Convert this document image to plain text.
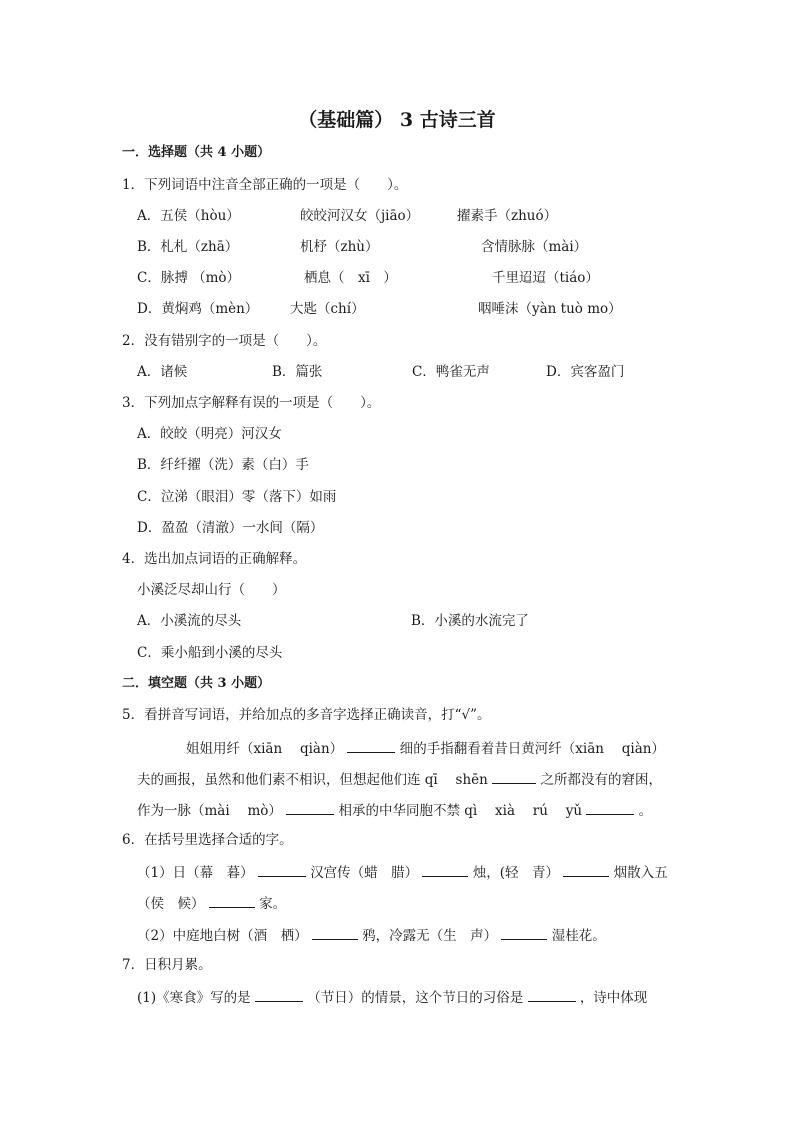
（基础篇） 3 古诗三首
一．选择题（共 4 小题）
1．下列词语中注音全部正确的一项是（　　）。
A．五侯（hòu）	皎皎河汉女（jiāo）	擢素手（zhuó）
B．札札（zhā）	机杼（zhù）	含情脉脉（mài）
C．脉搏 （mò）	栖息（　xī　）	千里迢迢（tiáo）
D．黄焖鸡（mèn） 大匙（chí）	咽唾沫（yàn tuò mo）
2．没有错别字的一项是（　　）。
A．诸候	B．篇张	C．鸭雀无声	D．宾客盈门
3．下列加点字解释有误的一项是（　　）。
A．皎皎（明亮）河汉女
B．纤纤擢（洗）素（白）手
C．泣涕（眼泪）零（落下）如雨
D．盈盈（清澈）一水间（隔）
4．选出加点词语的正确解释。
小溪泛尽却山行（　　）
A．小溪流的尽头	B．小溪的水流完了
C．乘小船到小溪的尽头
二．填空题（共 3 小题）
5．看拼音写词语，并给加点的多音字选择正确读音，打“√”。
姐姐用纤（xiān　 qiàn）	细的手指翻看着昔日黄河纤（xiān　 qiàn）
夫的画报，虽然和他们素不相识，但想起他们连 qī　 shēn	之所都没有的窘困，
作为一脉（mài　 mò）	相承的中华同胞不禁 qì　 xià　 rú　 yǔ	。
6．在括号里选择合适的字。
（1）日（幕　暮）	汉宫传（蜡　腊）	烛，(轻　青）	烟散入五
（侯　候）	家。
（2）中庭地白树（酒　栖）	鸦，冷露无（生　声）	湿桂花。
7．日积月累。
(1)《寒食》写的是	（节日）的情景，这个节日的习俗是	，诗中体现
